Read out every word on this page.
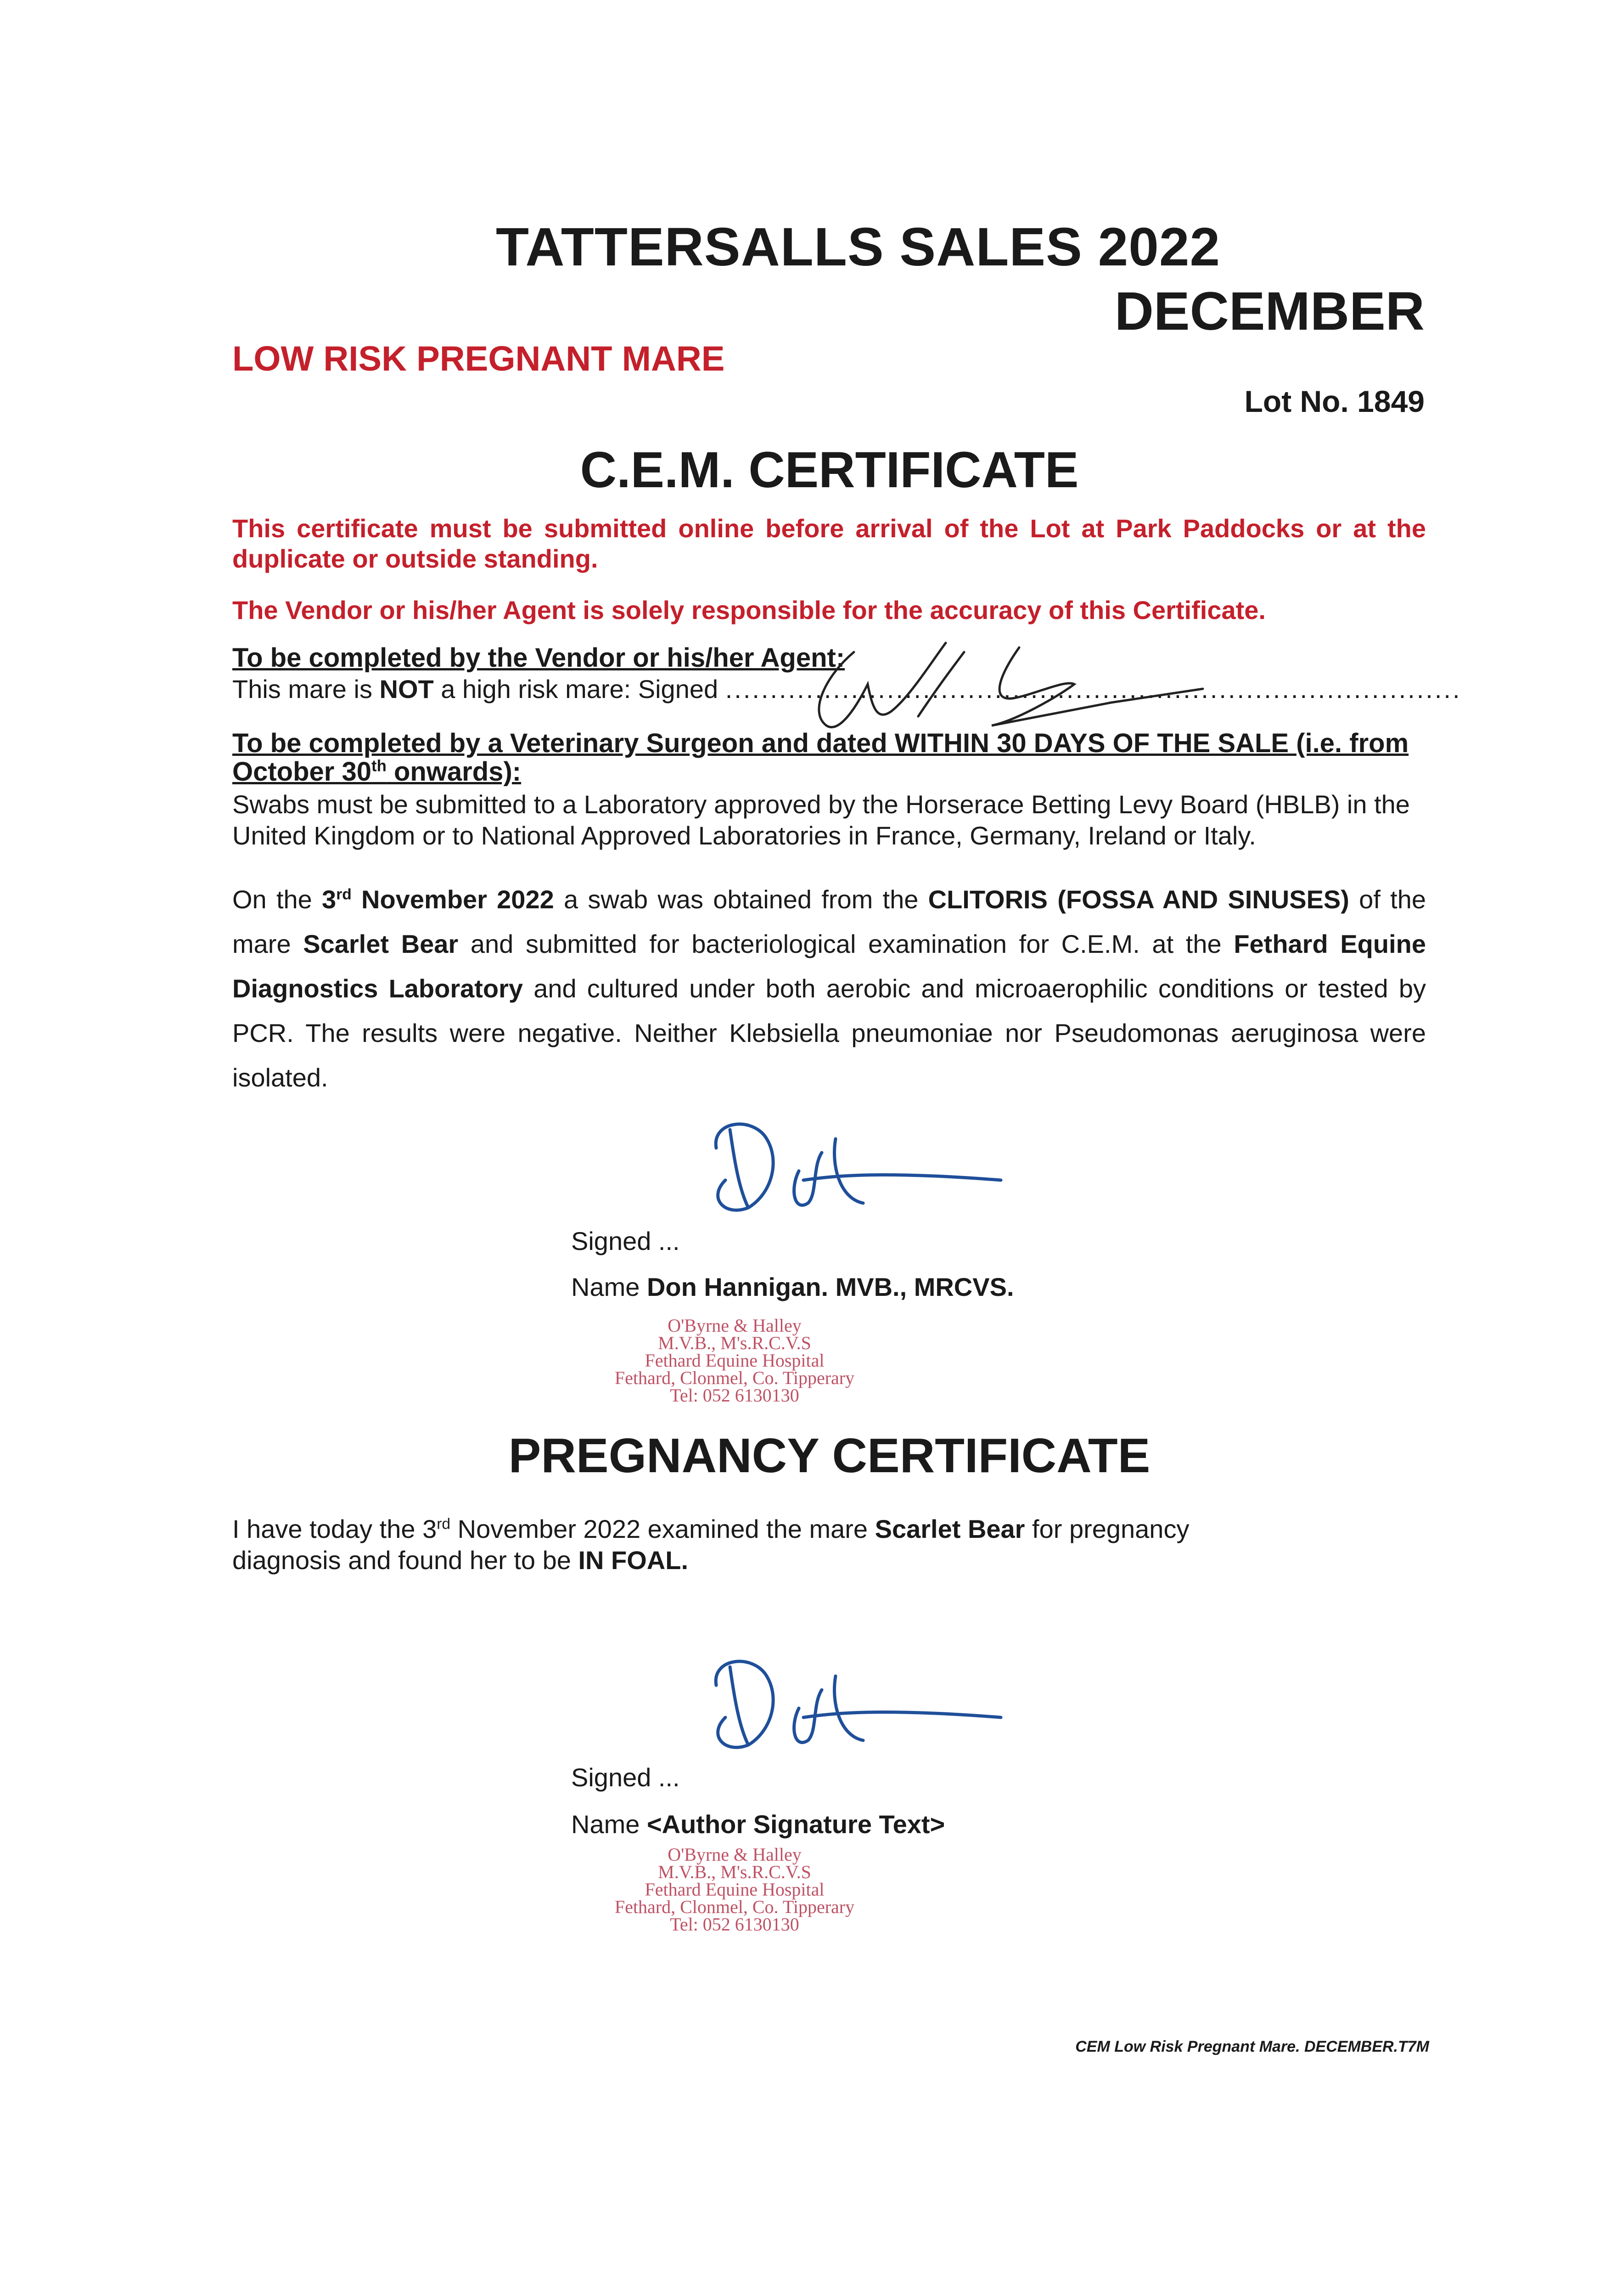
TATTERSALLS SALES 2022
DECEMBER
LOW RISK PREGNANT MARE
Lot No. 1849
C.E.M. CERTIFICATE
This certificate must be submitted online before arrival of the Lot at Park Paddocks or at the duplicate or outside standing.
The Vendor or his/her Agent is solely responsible for the accuracy of this Certificate.
To be completed by the Vendor or his/her Agent:
This mare is NOT a high risk mare: Signed ..................................................................................
To be completed by a Veterinary Surgeon and dated WITHIN 30 DAYS OF THE SALE (i.e. from
October 30th onwards):
Swabs must be submitted to a Laboratory approved by the Horserace Betting Levy Board (HBLB) in the United Kingdom or to National Approved Laboratories in France, Germany, Ireland or Italy.
On the 3rd November 2022 a swab was obtained from the CLITORIS (FOSSA AND SINUSES) of the mare Scarlet Bear and submitted for bacteriological examination for C.E.M. at the Fethard Equine Diagnostics Laboratory and cultured under both aerobic and microaerophilic conditions or tested by PCR. The results were negative. Neither Klebsiella pneumoniae nor Pseudomonas aeruginosa were isolated.
Signed ...
Name Don Hannigan. MVB., MRCVS.
O'Byrne & Halley
M.V.B., M's.R.C.V.S
Fethard Equine Hospital
Fethard, Clonmel, Co. Tipperary
Tel: 052 6130130
PREGNANCY CERTIFICATE
I have today the 3rd November 2022 examined the mare Scarlet Bear for pregnancy diagnosis and found her to be IN FOAL.
Signed ...
Name <Author Signature Text>
O'Byrne & Halley
M.V.B., M's.R.C.V.S
Fethard Equine Hospital
Fethard, Clonmel, Co. Tipperary
Tel: 052 6130130
CEM Low Risk Pregnant Mare. DECEMBER.T7M
